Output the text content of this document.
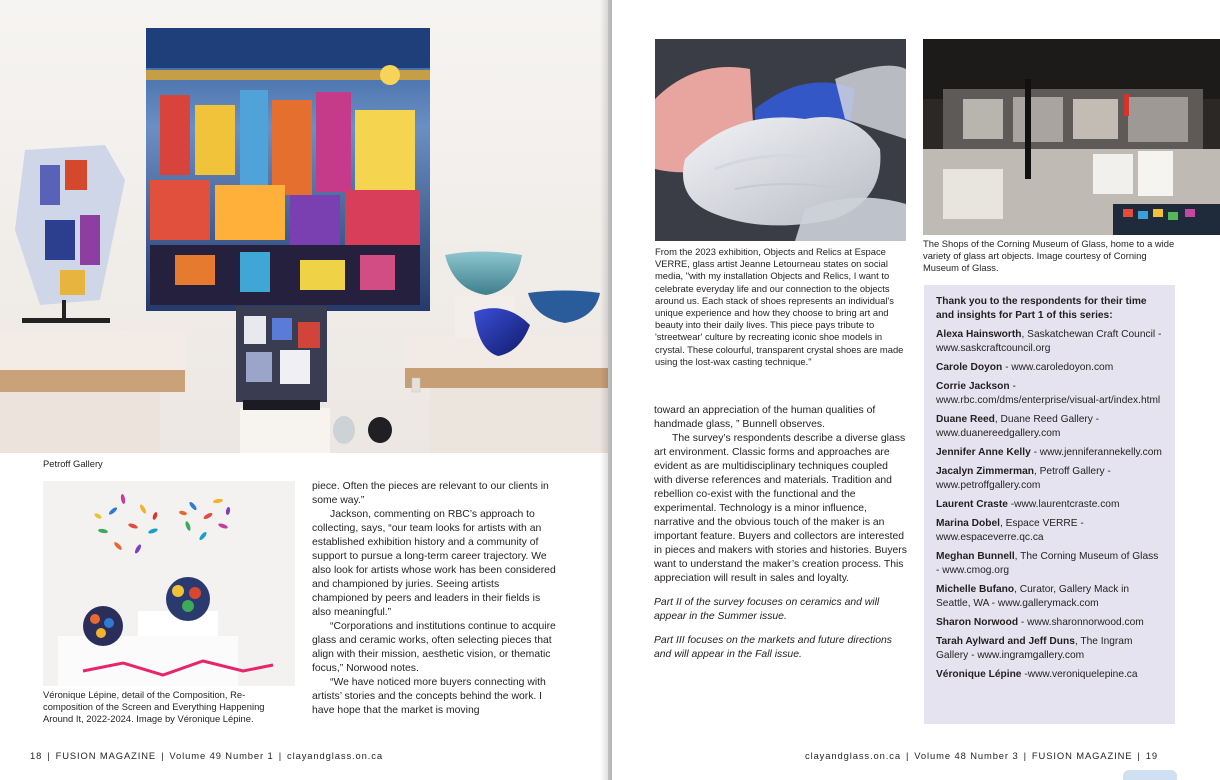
Petroff Gallery
Véronique Lépine, detail of the Composition, Re-composition of the Screen and Everything Happening Around It, 2022-2024. Image by Véronique Lépine.

piece. Often the pieces are relevant to our clients in some way.”

Jackson, commenting on RBC’s approach to collecting, says, “our team looks for artists with an established exhibition history and a community of support to pursue a long-term career trajectory. We also look for artists whose work has been considered and championed by juries. Seeing artists championed by peers and leaders in their fields is also meaningful.”

“Corporations and institutions continue to acquire glass and ceramic works, often selecting pieces that align with their mission, aesthetic vision, or thematic focus,” Norwood notes.

“We have noticed more buyers connecting with artists’ stories and the concepts behind the work. I have hope that the market is moving

18 | FUSION MAGAZINE | Volume 49 Number 1 | clayandglass.on.ca
From the 2023 exhibition, Objects and Relics at Espace VERRE, glass artist Jeanne Letourneau states on social media, "with my installation Objects and Relics, I want to celebrate everyday life and our connection to the objects around us. Each stack of shoes represents an individual's unique experience and how they choose to bring art and beauty into their daily lives. This piece pays tribute to 'streetwear' culture by recreating iconic shoe models in crystal. These colourful, transparent crystal shoes are made using the lost-wax casting technique."
The Shops of the Corning Museum of Glass, home to a wide variety of glass art objects. Image courtesy of Corning Museum of Glass.

toward an appreciation of the human qualities of handmade glass, ” Bunnell observes.

The survey’s respondents describe a diverse glass art environment. Classic forms and approaches are evident as are multidisciplinary techniques coupled with diverse references and materials. Tradition and rebellion co-exist with the functional and the experimental. Technology is a minor influence, narrative and the obvious touch of the maker is an important feature. Buyers and collectors are interested in pieces and makers with stories and histories. Buyers want to understand the maker’s creation process. This appreciation will result in sales and loyalty.

Part II of the survey focuses on ceramics and will appear in the Summer issue.

Part III focuses on the markets and future directions and will appear in the Fall issue.

Thank you to the respondents for their time and insights for Part 1 of this series:
Alexa Hainsworth, Saskatchewan Craft Council - www.saskcraftcouncil.org
Carole Doyon - www.caroledoyon.com
Corrie Jackson - www.rbc.com/dms/enterprise/visual-art/index.html
Duane Reed, Duane Reed Gallery - www.duanereedgallery.com
Jennifer Anne Kelly - www.jenniferannekelly.com
Jacalyn Zimmerman, Petroff Gallery - www.petroffgallery.com
Laurent Craste -www.laurentcraste.com
Marina Dobel, Espace VERRE - www.espaceverre.qc.ca
Meghan Bunnell, The Corning Museum of Glass - www.cmog.org
Michelle Bufano, Curator, Gallery Mack in Seattle, WA - www.gallerymack.com
Sharon Norwood - www.sharonnorwood.com
Tarah Aylward and Jeff Duns, The Ingram Gallery - www.ingramgallery.com
Véronique Lépine -www.veroniquelepine.ca
clayandglass.on.ca | Volume 48 Number 3 | FUSION MAGAZINE | 19
